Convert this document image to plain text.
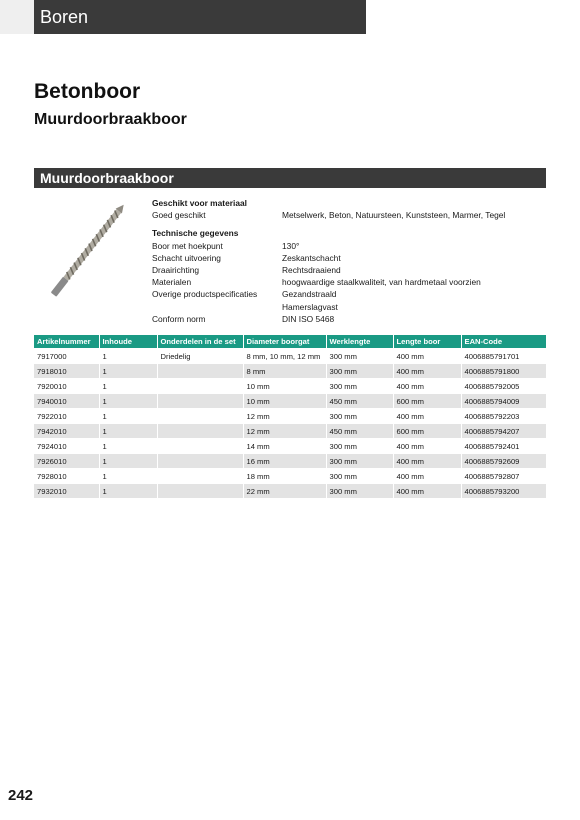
Boren
Betonboor
Muurdoorbraakboor
Muurdoorbraakboor
Geschikt voor materiaal
Goed geschikt	Metselwerk, Beton, Natuursteen, Kunststeen, Marmer, Tegel
Technische gegevens
Boor met hoekpunt	130°
Schacht uitvoering	Zeskantschacht
Draairichting	Rechtsdraaiend
Materialen	hoogwaardige staalkwaliteit, van hardmetaal voorzien
Overige productspecificaties	Gezandstraald
Hamerslagvast
Conform norm	DIN ISO 5468
Artikelnummer	Inhoude	Onderdelen in de set	Diameter boorgat	Werklengte	Lengte boor	EAN-Code
7917000	1	Driedelig	8 mm, 10 mm, 12 mm	300 mm	400 mm	4006885791701
7918010	1		8 mm	300 mm	400 mm	4006885791800
7920010	1		10 mm	300 mm	400 mm	4006885792005
7940010	1		10 mm	450 mm	600 mm	4006885794009
7922010	1		12 mm	300 mm	400 mm	4006885792203
7942010	1		12 mm	450 mm	600 mm	4006885794207
7924010	1		14 mm	300 mm	400 mm	4006885792401
7926010	1		16 mm	300 mm	400 mm	4006885792609
7928010	1		18 mm	300 mm	400 mm	4006885792807
7932010	1		22 mm	300 mm	400 mm	4006885793200
242
